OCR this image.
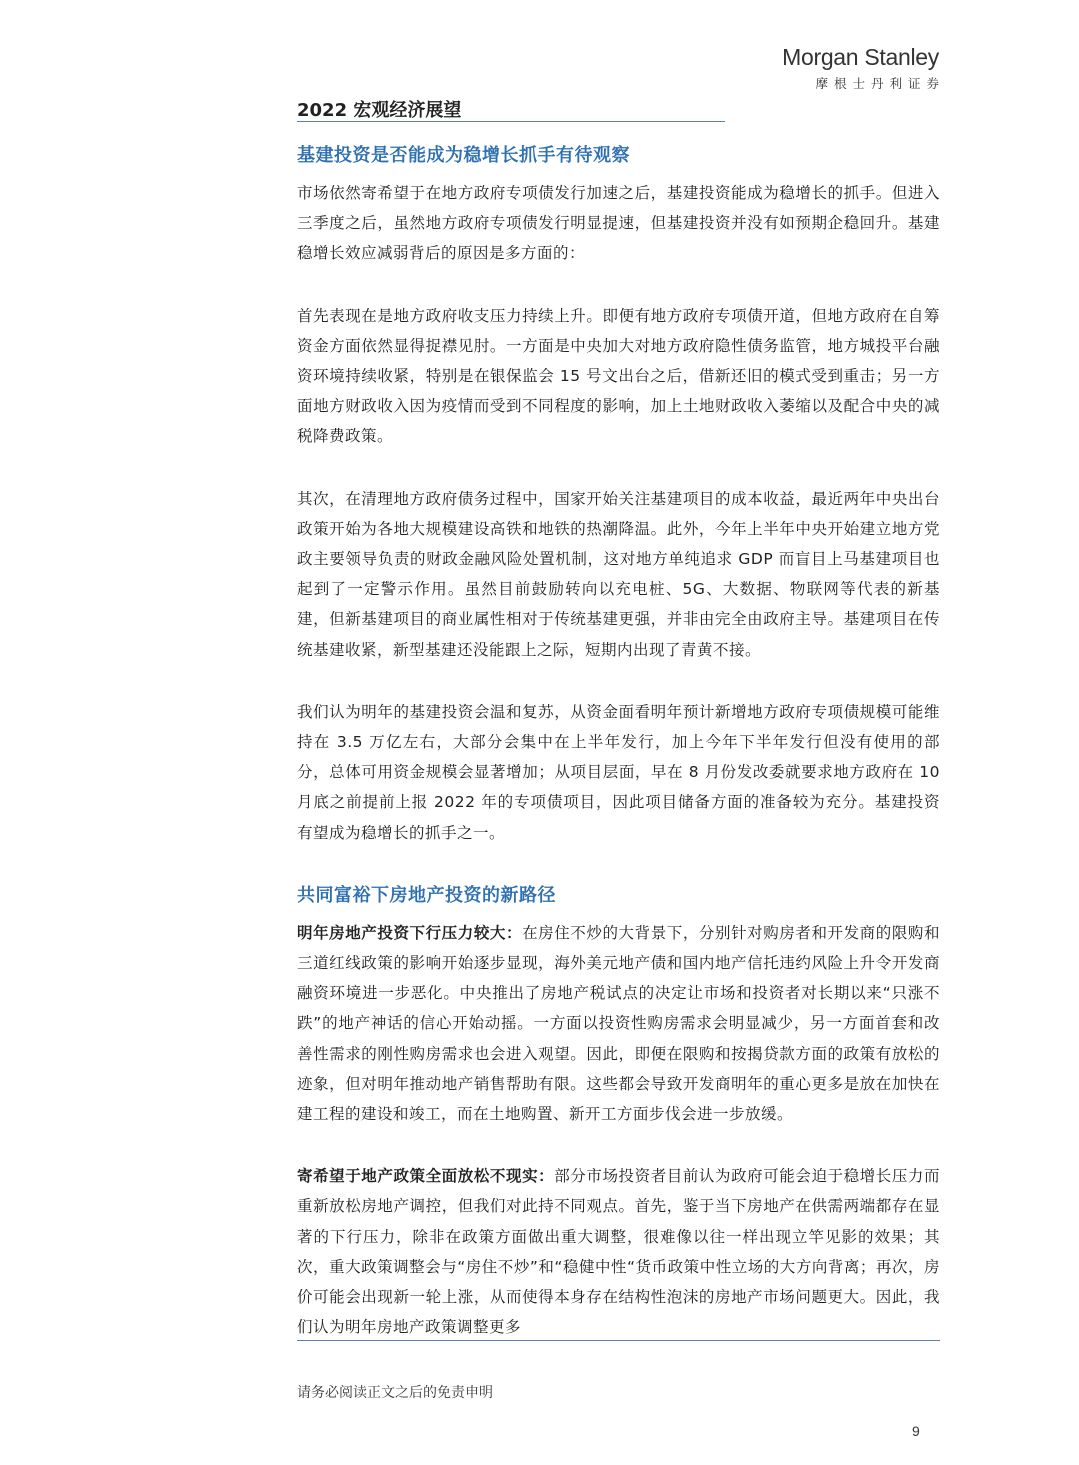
Morgan Stanley
摩根士丹利证券
2022 宏观经济展望
基建投资是否能成为稳增长抓手有待观察

市场依然寄希望于在地方政府专项债发行加速之后，基建投资能成为稳增长的抓手。但进入三季度之后，虽然地方政府专项债发行明显提速，但基建投资并没有如预期企稳回升。基建稳增长效应减弱背后的原因是多方面的：

首先表现在是地方政府收支压力持续上升。即便有地方政府专项债开道，但地方政府在自筹资金方面依然显得捉襟见肘。一方面是中央加大对地方政府隐性债务监管，地方城投平台融资环境持续收紧，特别是在银保监会 15 号文出台之后，借新还旧的模式受到重击；另一方面地方财政收入因为疫情而受到不同程度的影响，加上土地财政收入萎缩以及配合中央的减税降费政策。

其次，在清理地方政府债务过程中，国家开始关注基建项目的成本收益，最近两年中央出台政策开始为各地大规模建设高铁和地铁的热潮降温。此外，今年上半年中央开始建立地方党政主要领导负责的财政金融风险处置机制，这对地方单纯追求 GDP 而盲目上马基建项目也起到了一定警示作用。虽然目前鼓励转向以充电桩、5G、大数据、物联网等代表的新基建，但新基建项目的商业属性相对于传统基建更强，并非由完全由政府主导。基建项目在传统基建收紧，新型基建还没能跟上之际，短期内出现了青黄不接。

我们认为明年的基建投资会温和复苏，从资金面看明年预计新增地方政府专项债规模可能维持在 3.5 万亿左右，大部分会集中在上半年发行，加上今年下半年发行但没有使用的部分，总体可用资金规模会显著增加；从项目层面，早在 8 月份发改委就要求地方政府在 10 月底之前提前上报 2022 年的专项债项目，因此项目储备方面的准备较为充分。基建投资有望成为稳增长的抓手之一。

共同富裕下房地产投资的新路径

明年房地产投资下行压力较大：在房住不炒的大背景下，分别针对购房者和开发商的限购和三道红线政策的影响开始逐步显现，海外美元地产债和国内地产信托违约风险上升令开发商融资环境进一步恶化。中央推出了房地产税试点的决定让市场和投资者对长期以来“只涨不跌”的地产神话的信心开始动摇。一方面以投资性购房需求会明显减少，另一方面首套和改善性需求的刚性购房需求也会进入观望。因此，即便在限购和按揭贷款方面的政策有放松的迹象，但对明年推动地产销售帮助有限。这些都会导致开发商明年的重心更多是放在加快在建工程的建设和竣工，而在土地购置、新开工方面步伐会进一步放缓。

寄希望于地产政策全面放松不现实：部分市场投资者目前认为政府可能会迫于稳增长压力而重新放松房地产调控，但我们对此持不同观点。首先，鉴于当下房地产在供需两端都存在显著的下行压力，除非在政策方面做出重大调整，很难像以往一样出现立竿见影的效果；其次，重大政策调整会与“房住不炒”和“稳健中性“货币政策中性立场的大方向背离；再次，房价可能会出现新一轮上涨，从而使得本身存在结构性泡沫的房地产市场问题更大。因此，我们认为明年房地产政策调整更多

请务必阅读正文之后的免责申明
9
